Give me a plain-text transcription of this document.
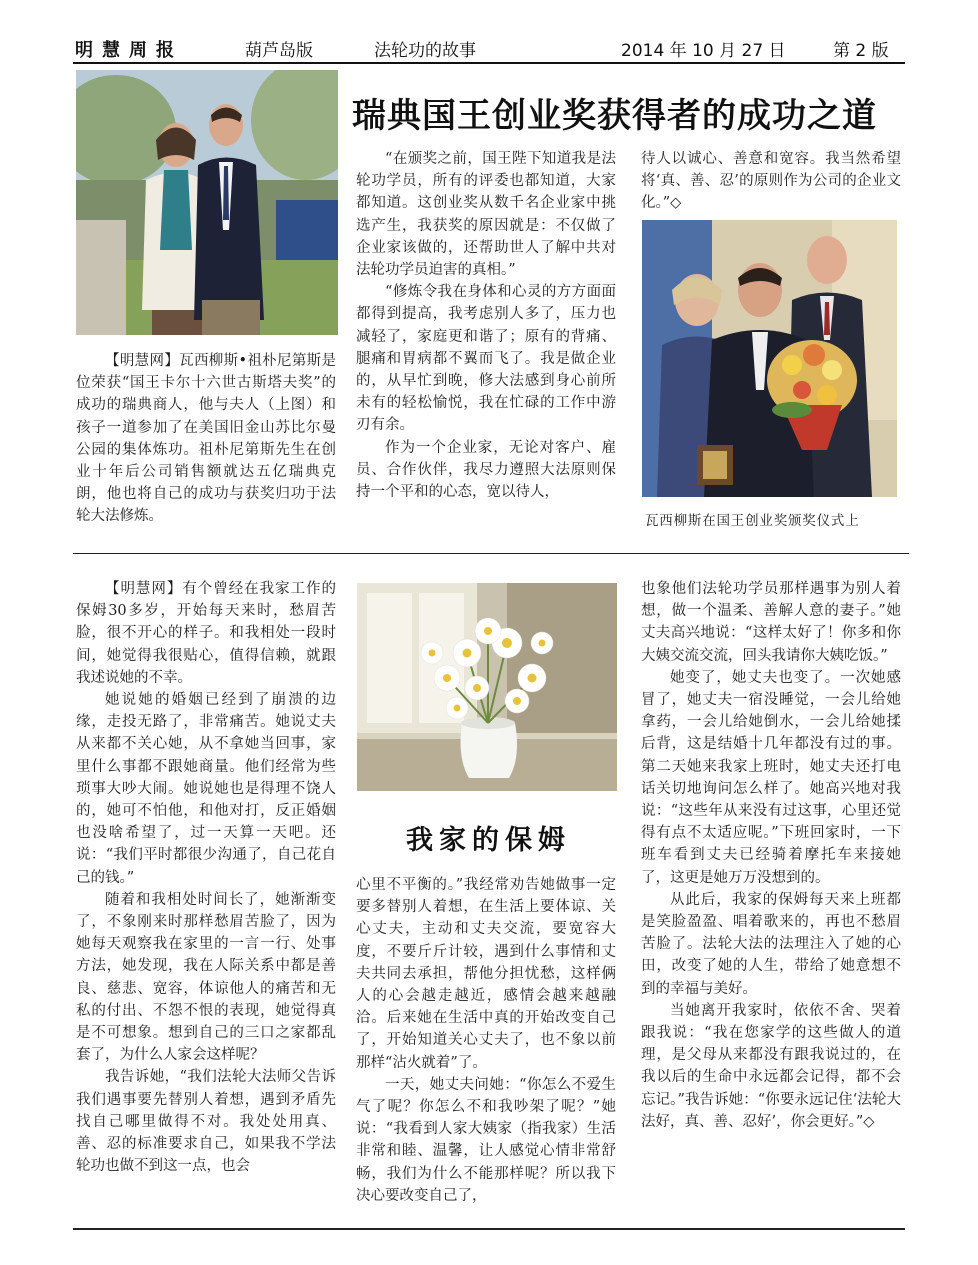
明慧周报	葫芦岛版	法轮功的故事	2014 年 10 月 27 日	第 2 版
瑞典国王创业奖获得者的成功之道

【明慧网】瓦西柳斯•祖朴尼第斯是位荣获“国王卡尔十六世古斯塔夫奖”的成功的瑞典商人，他与夫人（上图）和孩子一道参加了在美国旧金山苏比尔曼公园的集体炼功。祖朴尼第斯先生在创业十年后公司销售额就达五亿瑞典克朗，他也将自己的成功与获奖归功于法轮大法修炼。

“在颁奖之前，国王陛下知道我是法轮功学员，所有的评委也都知道，大家都知道。这创业奖从数千名企业家中挑选产生，我获奖的原因就是：不仅做了企业家该做的，还帮助世人了解中共对法轮功学员迫害的真相。”

“修炼令我在身体和心灵的方方面面都得到提高，我考虑别人多了，压力也减轻了，家庭更和谐了；原有的背痛、腿痛和胃病都不翼而飞了。我是做企业的，从早忙到晚，修大法感到身心前所未有的轻松愉悦，我在忙碌的工作中游刃有余。

作为一个企业家，无论对客户、雇员、合作伙伴，我尽力遵照大法原则保持一个平和的心态，宽以待人，

待人以诚心、善意和宽容。我当然希望将‘真、善、忍’的原则作为公司的企业文化。”◇

瓦西柳斯在国王创业奖颁奖仪式上

【明慧网】有个曾经在我家工作的保姆30多岁，开始每天来时，愁眉苦脸，很不开心的样子。和我相处一段时间，她觉得我很贴心，值得信赖，就跟我述说她的不幸。

她说她的婚姻已经到了崩溃的边缘，走投无路了，非常痛苦。她说丈夫从来都不关心她，从不拿她当回事，家里什么事都不跟她商量。他们经常为些琐事大吵大闹。她说她也是得理不饶人的，她可不怕他，和他对打，反正婚姻也没啥希望了，过一天算一天吧。还说：“我们平时都很少沟通了，自己花自己的钱。”

随着和我相处时间长了，她渐渐变了，不象刚来时那样愁眉苦脸了，因为她每天观察我在家里的一言一行、处事方法，她发现，我在人际关系中都是善良、慈悲、宽容，体谅他人的痛苦和无私的付出、不怨不恨的表现，她觉得真是不可想象。想到自己的三口之家都乱套了，为什么人家会这样呢？

我告诉她，“我们法轮大法师父告诉我们遇事要先替别人着想，遇到矛盾先找自己哪里做得不对。我处处用真、善、忍的标准要求自己，如果我不学法轮功也做不到这一点，也会

我家的保姆

心里不平衡的。”我经常劝告她做事一定要多替别人着想，在生活上要体谅、关心丈夫，主动和丈夫交流，要宽容大度，不要斤斤计较，遇到什么事情和丈夫共同去承担，帮他分担忧愁，这样俩人的心会越走越近，感情会越来越融洽。后来她在生活中真的开始改变自己了，开始知道关心丈夫了，也不象以前那样“沾火就着”了。

一天，她丈夫问她：“你怎么不爱生气了呢？你怎么不和我吵架了呢？”她说：“我看到人家大姨家（指我家）生活非常和睦、温馨，让人感觉心情非常舒畅，我们为什么不能那样呢？所以我下决心要改变自己了，

也象他们法轮功学员那样遇事为别人着想，做一个温柔、善解人意的妻子。”她丈夫高兴地说：“这样太好了！你多和你大姨交流交流，回头我请你大姨吃饭。”

她变了，她丈夫也变了。一次她感冒了，她丈夫一宿没睡觉，一会儿给她拿药，一会儿给她倒水，一会儿给她揉后背，这是结婚十几年都没有过的事。第二天她来我家上班时，她丈夫还打电话关切地询问怎么样了。她高兴地对我说：“这些年从来没有过这事，心里还觉得有点不太适应呢。”下班回家时，一下班车看到丈夫已经骑着摩托车来接她了，这更是她万万没想到的。

从此后，我家的保姆每天来上班都是笑脸盈盈、唱着歌来的，再也不愁眉苦脸了。法轮大法的法理注入了她的心田，改变了她的人生，带给了她意想不到的幸福与美好。

当她离开我家时，依依不舍、哭着跟我说：“我在您家学的这些做人的道理，是父母从来都没有跟我说过的，在我以后的生命中永远都会记得，都不会忘记。”我告诉她：“你要永远记住‘法轮大法好，真、善、忍好’，你会更好。”◇
